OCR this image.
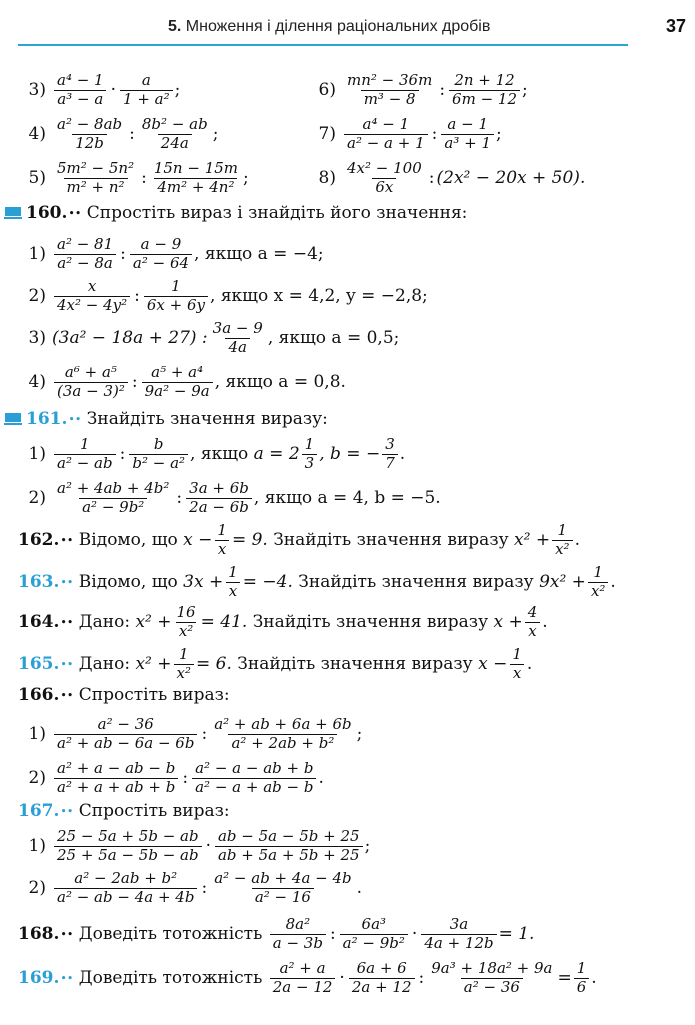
5. Множення і ділення раціональних дробів	37
$3) \frac{\text{a⁴ − 1}}{\text{a³ − a}} \cdot \frac{a}{\text{1 + a²}}$ ;	$6) \frac{\text{mn² − 36m}}{\text{m³ − 8}}$ : $\frac{2n + 12}{6m - 12}$ ;
$4) \frac{\text{a² − 8ab}}{12b}$ : $\frac{\text{8b² − ab}}{24a}$ ;	$7) \frac{\text{a⁴ − 1}}{\text{a² − a + 1}}$ : $\frac{a - 1}{\text{a³ + 1}}$ ;
$5) \frac{\text{5m² − 5n²}}{\text{m² + n²}}$ : $\frac{15n - 15m}{\text{4m² + 4n²}}$ ;	$8) \frac{\text{4x² − 100}}{6x}$ : (2x² − 20x + 50).
160. ••
Спростіть вираз і знайдіть його значення:
$1) \frac{\text{a² − 81}}{\text{a² − 8a}}$ : $\frac{a - 9}{\text{a² − 64}}$ , якщо a = −4;
$2) \frac{x}{\text{4x² − 4y²}}$ : $\frac{1}{6x + 6y}$ , якщо x = 4,2, y = −2,8;
3) (3a² − 18a + 27) : $\frac{3a - 9}{4a}$ , якщо a = 0,5;
$4) \frac{\text{a⁶ + a⁵}}{\text{(3a − 3)²}}$ : $\frac{\text{a⁵ + a⁴}}{\text{9a² − 9a}}$ , якщо a = 0,8.
161. ••
Знайдіть значення виразу:
$1) \frac{1}{\text{a² − ab}}$ : $\frac{b}{\text{b² − a²}}$ , якщо $a = 2 \frac{1}{3}$ , b = − $\frac{3}{7}$ .
$2) \frac{\text{a² + 4ab + 4b²}}{\text{a² − 9b²}}$ : $\frac{3a + 6b}{2a - 6b}$ , якщо a = 4, b = −5.
162. ••
Відомо, що
$x - \frac{1}{x} = 9$. Знайдіть значення виразу
$x^2 + \frac{1}{\text{x²}}$ .
163. ••
Відомо, що
$3x + \frac{1}{x} = -4$. Знайдіть значення виразу
$9x^2 + \frac{1}{\text{x²}}$ .
164. ••
Дано:
$x^2 + \frac{16}{\text{x²}} = 41$. Знайдіть значення виразу
$x + \frac{4}{x}$ .
165. ••
Дано:
$x^2 + \frac{1}{\text{x²}} = 6$. Знайдіть значення виразу
$x - \frac{1}{x}$ .
166. ••
Спростіть вираз:
$1) \frac{\text{a² − 36}}{\text{a² + ab − 6a − 6b}}$ : $\frac{\text{a² + ab + 6a + 6b}}{\text{a² + 2ab + b²}}$ ;
$2) \frac{\text{a² + a − ab − b}}{\text{a² + a + ab + b}}$ : $\frac{\text{a² − a − ab + b}}{\text{a² − a + ab − b}}$ .
167. ••
Спростіть вираз:
$1) \frac{25 - 5a + 5b - ab}{25 + 5a - 5b - ab} \cdot \frac{ab - 5a - 5b + 25}{ab + 5a + 5b + 25}$ ;
$2) \frac{\text{a² − 2ab + b²}}{\text{a² − ab − 4a + 4b}}$ : $\frac{\text{a² − ab + 4a − 4b}}{\text{a² − 16}}$ .
168. ••
Доведіть тотожність
$\frac{\text{8a²}}{a - 3b}$ : $\frac{\text{6a³}}{\text{a² − 9b²}} \cdot \frac{3a}{4a + 12b} = 1$.
169. ••
Доведіть тотожність
$\frac{\text{a² + a}}{2a - 12} \cdot \frac{6a + 6}{2a + 12}$ : $\frac{\text{9a³ + 18a² + 9a}}{\text{a² − 36}} = \frac{1}{6}$ .
